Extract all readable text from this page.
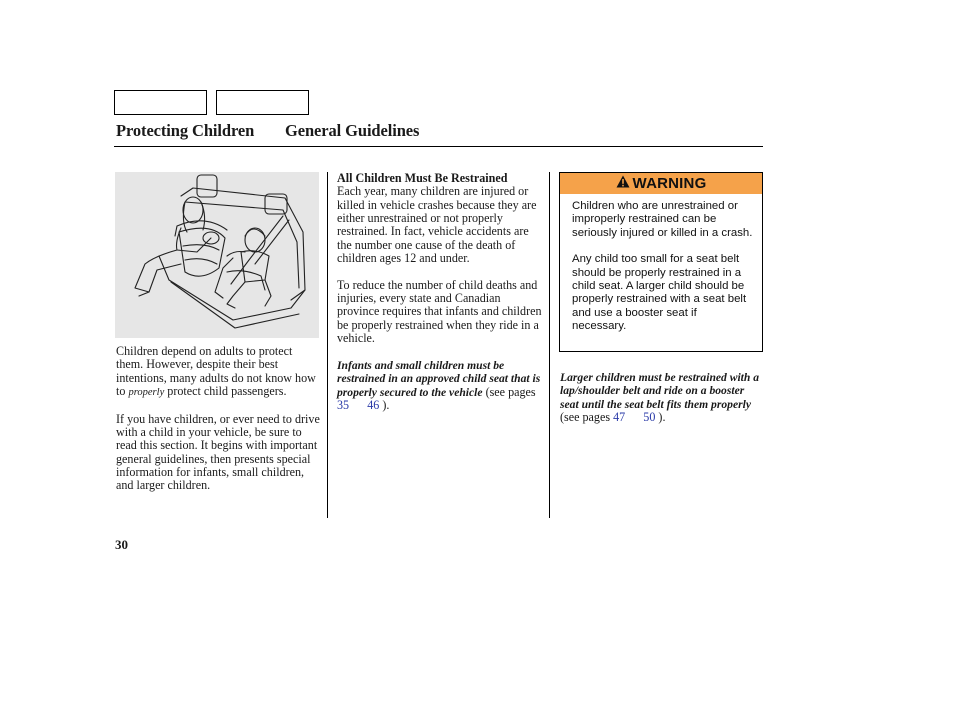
Protecting Children General Guidelines

Children depend on adults to protect them. However, despite their best intentions, many adults do not know how to properly protect child passengers.

If you have children, or ever need to drive with a child in your vehicle, be sure to read this section. It begins with important general guidelines, then presents special information for infants, small children, and larger children.

All Children Must Be Restrained

Each year, many children are injured or killed in vehicle crashes because they are either unrestrained or not properly restrained. In fact, vehicle accidents are the number one cause of the death of children ages 12 and under.

To reduce the number of child deaths and injuries, every state and Canadian province requires that infants and children be properly restrained when they ride in a vehicle.

Infants and small children must be restrained in an approved child seat that is properly secured to the vehicle (see pages 35 46 ).

WARNING

Children who are unrestrained or improperly restrained can be seriously injured or killed in a crash.

Any child too small for a seat belt should be properly restrained in a child seat. A larger child should be properly restrained with a seat belt and use a booster seat if necessary.

Larger children must be restrained with a lap/shoulder belt and ride on a booster seat until the seat belt fits them properly (see pages 47 50 ).

30
